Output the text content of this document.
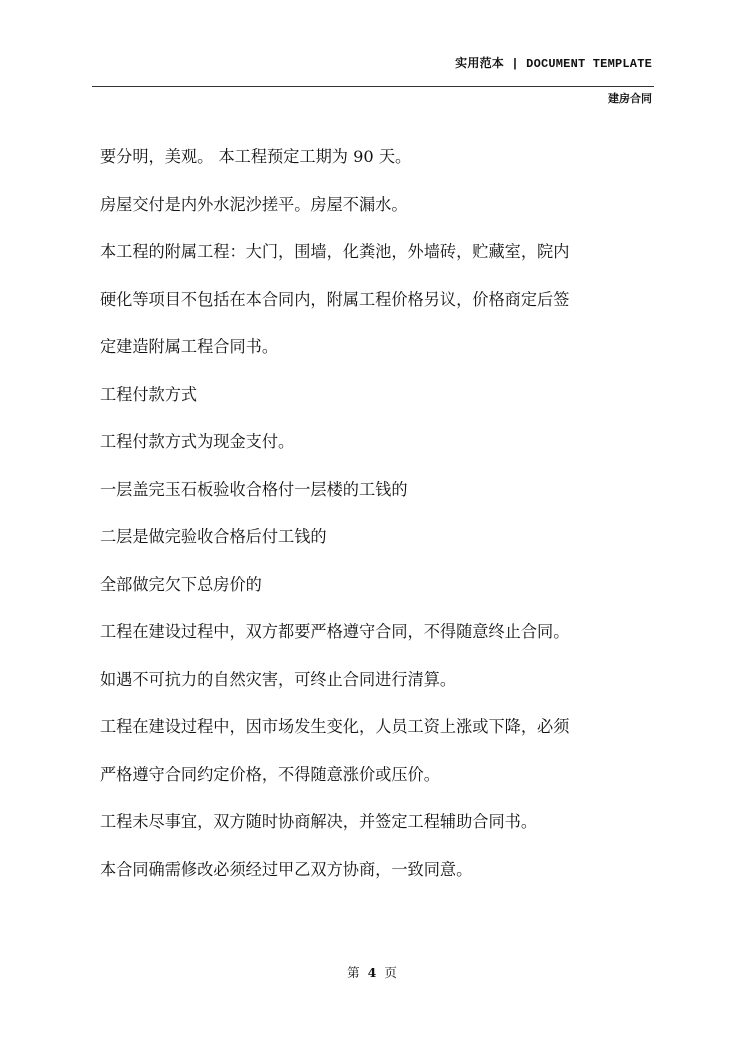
实用范本 | DOCUMENT TEMPLATE
建房合同
要分明，美观。 本工程预定工期为 90 天。
房屋交付是内外水泥沙搓平。房屋不漏水。
本工程的附属工程：大门，围墙，化粪池，外墙砖，贮藏室，院内
硬化等项目不包括在本合同内，附属工程价格另议，价格商定后签
定建造附属工程合同书。
工程付款方式
工程付款方式为现金支付。
一层盖完玉石板验收合格付一层楼的工钱的
二层是做完验收合格后付工钱的
全部做完欠下总房价的
工程在建设过程中，双方都要严格遵守合同，不得随意终止合同。
如遇不可抗力的自然灾害，可终止合同进行清算。
工程在建设过程中，因市场发生变化，人员工资上涨或下降，必须
严格遵守合同约定价格，不得随意涨价或压价。
工程未尽事宜，双方随时协商解决，并签定工程辅助合同书。
本合同确需修改必须经过甲乙双方协商，一致同意。
第 4 页
